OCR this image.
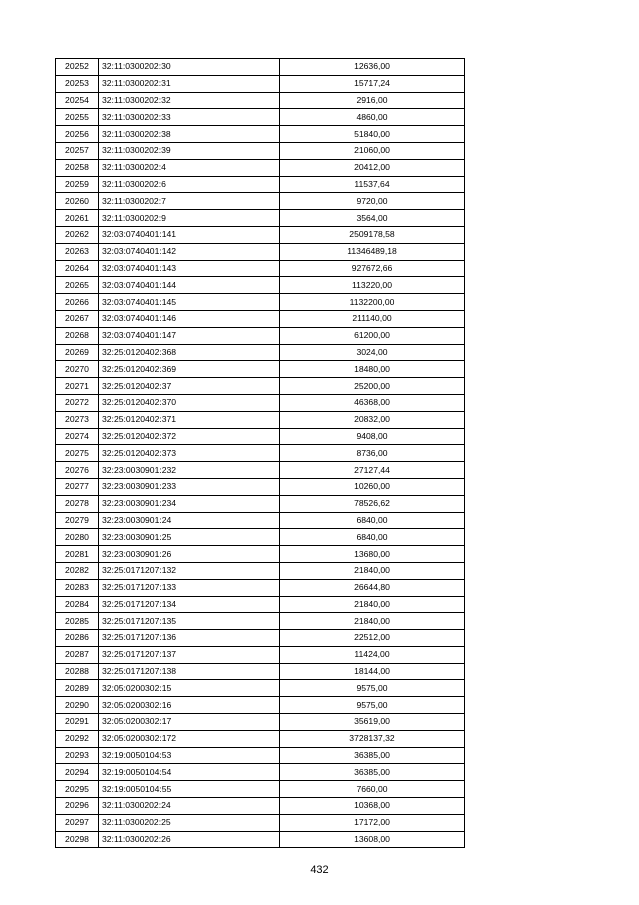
20252	32:11:0300202:30	12636,00
20253	32:11:0300202:31	15717,24
20254	32:11:0300202:32	2916,00
20255	32:11:0300202:33	4860,00
20256	32:11:0300202:38	51840,00
20257	32:11:0300202:39	21060,00
20258	32:11:0300202:4	20412,00
20259	32:11:0300202:6	11537,64
20260	32:11:0300202:7	9720,00
20261	32:11:0300202:9	3564,00
20262	32:03:0740401:141	2509178,58
20263	32:03:0740401:142	11346489,18
20264	32:03:0740401:143	927672,66
20265	32:03:0740401:144	113220,00
20266	32:03:0740401:145	1132200,00
20267	32:03:0740401:146	211140,00
20268	32:03:0740401:147	61200,00
20269	32:25:0120402:368	3024,00
20270	32:25:0120402:369	18480,00
20271	32:25:0120402:37	25200,00
20272	32:25:0120402:370	46368,00
20273	32:25:0120402:371	20832,00
20274	32:25:0120402:372	9408,00
20275	32:25:0120402:373	8736,00
20276	32:23:0030901:232	27127,44
20277	32:23:0030901:233	10260,00
20278	32:23:0030901:234	78526,62
20279	32:23:0030901:24	6840,00
20280	32:23:0030901:25	6840,00
20281	32:23:0030901:26	13680,00
20282	32:25:0171207:132	21840,00
20283	32:25:0171207:133	26644,80
20284	32:25:0171207:134	21840,00
20285	32:25:0171207:135	21840,00
20286	32:25:0171207:136	22512,00
20287	32:25:0171207:137	11424,00
20288	32:25:0171207:138	18144,00
20289	32:05:0200302:15	9575,00
20290	32:05:0200302:16	9575,00
20291	32:05:0200302:17	35619,00
20292	32:05:0200302:172	3728137,32
20293	32:19:0050104:53	36385,00
20294	32:19:0050104:54	36385,00
20295	32:19:0050104:55	7660,00
20296	32:11:0300202:24	10368,00
20297	32:11:0300202:25	17172,00
20298	32:11:0300202:26	13608,00
432
